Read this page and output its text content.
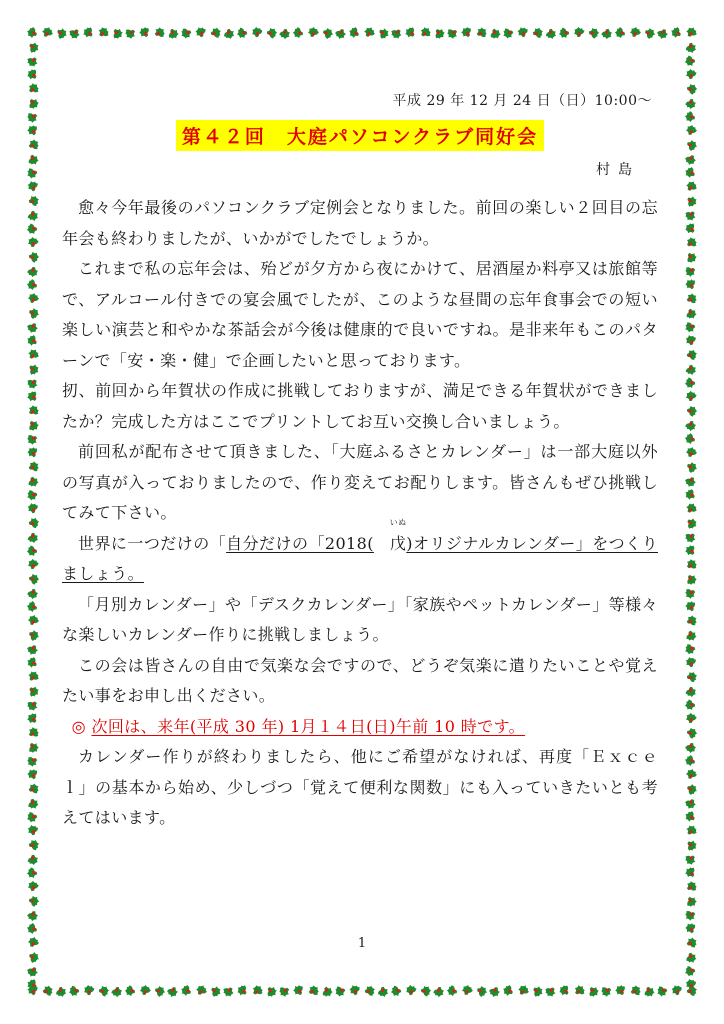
平成 29 年 12 月 24 日（日）10:00～

第４２回　大庭パソコンクラブ同好会

村島

愈々今年最後のパソコンクラブ定例会となりました。前回の楽しい２回目の忘年会も終わりましたが、いかがでしたでしょうか。

これまで私の忘年会は、殆どが夕方から夜にかけて、居酒屋か料亭又は旅館等で、アルコール付きでの宴会風でしたが、このような昼間の忘年食事会での短い楽しい演芸と和やかな茶話会が今後は健康的で良いですね。是非来年もこのパターンで「安・楽・健」で企画したいと思っております。

扨、前回から年賀状の作成に挑戦しておりますが、満足できる年賀状ができましたか？完成した方はここでプリントしてお互い交換し合いましょう。

前回私が配布させて頂きました、「大庭ふるさとカレンダー」は一部大庭以外の写真が入っておりましたので、作り変えてお配りします。皆さんもぜひ挑戦してみて下さい。

世界に一つだけの「自分だけの「2018(
いぬ
戊)オリジナルカレンダー」をつくりましょう。

「月別カレンダー」や「デスクカレンダー」「家族やペットカレンダー」等様々な楽しいカレンダー作りに挑戦しましょう。

この会は皆さんの自由で気楽な会ですので、どうぞ気楽に遣りたいことや覚えたい事をお申し出ください。

◎ 次回は、来年(平成 30 年) 1月１４日(日)午前 10 時です。

カレンダー作りが終わりましたら、他にご希望がなければ、再度「Ｅｘｃｅｌ」の基本から始め、少しづつ「覚えて便利な関数」にも入っていきたいとも考えてはいます。

1
